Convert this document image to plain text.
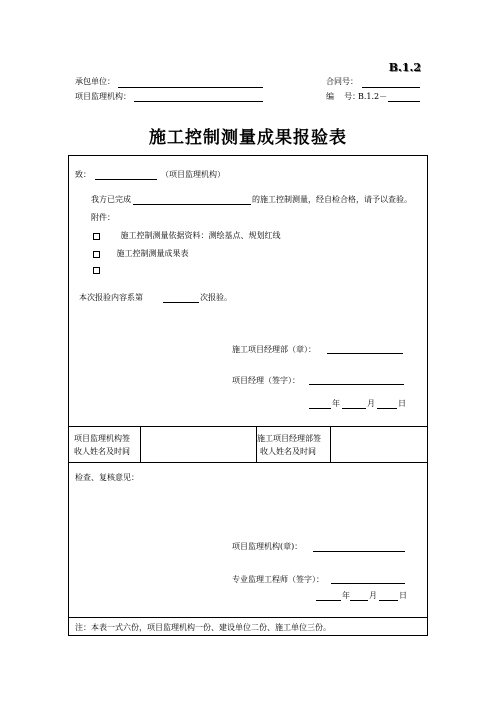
B.1.2
承包单位：	合同号：
项目监理机构：	编    号：
B.1.2－
施工控制测量成果报验表
致：	（项目监理机构）
我方已完成	的施工控制测量，经自检合格，请予以查验。
附件：
施工控制测量依据资料：测绘基点、规划红线
施工控制测量成果表
本次报验内容系第	次报验。
施工项目经理部（章）：
项目经理（签字）：
年	月	日
项目监理机构签
收人姓名及时间
施工项目经理部签
收人姓名及时间
检查、复核意见：
项目监理机构(章)：
专业监理工程师（签字）：
年 月	日
注：本表一式六份，项目监理机构一份、建设单位二份、施工单位三份。
